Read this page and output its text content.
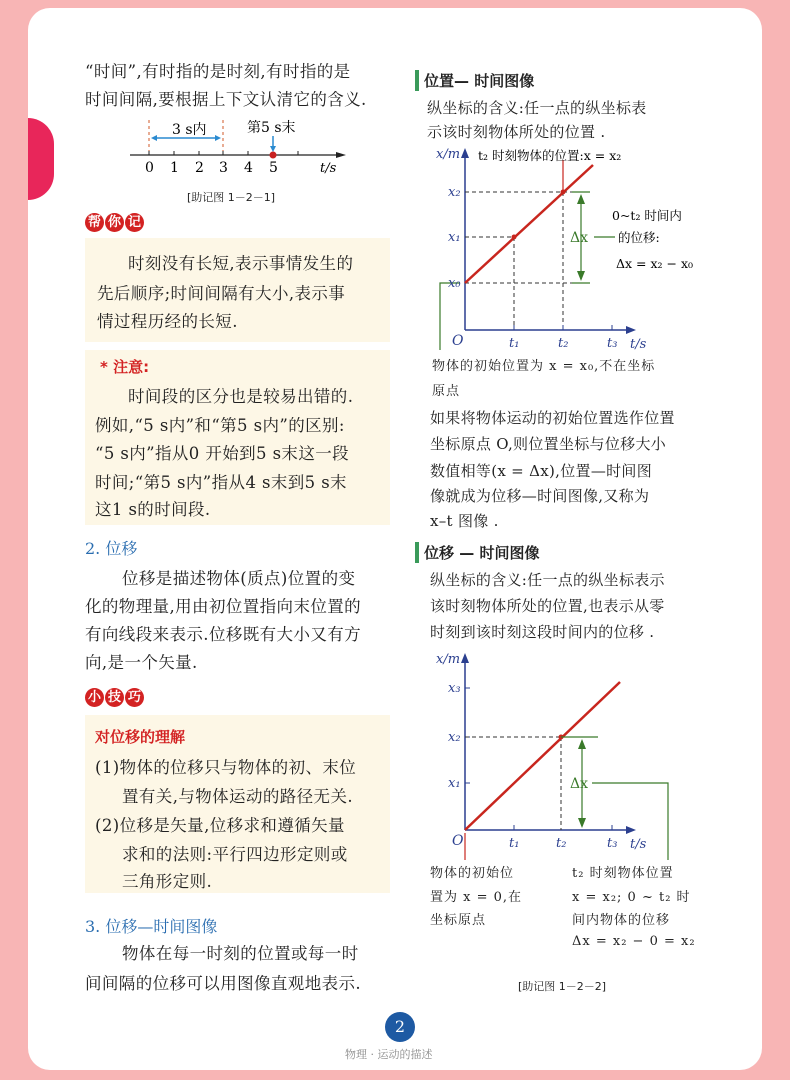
“时间”,有时指的是时刻,有时指的是
时间间隔,要根据上下文认清它的含义.
3 s内	第5 s末
0 1 2 3 4 5	t/s
[助记图 1－2－1]
帮 你 记
时刻没有长短,表示事情发生的
先后顺序;时间间隔有大小,表示事
情过程历经的长短.
* 注意:
时间段的区分也是较易出错的.
例如,“5 s内”和“第5 s内”的区别:
“5 s内”指从0 开始到5 s末这一段
时间;“第5 s内”指从4 s末到5 s末
这1 s的时间段.
2. 位移
位移是描述物体(质点)位置的变
化的物理量,用由初位置指向末位置的
有向线段来表示.位移既有大小又有方
向,是一个矢量.
小 技 巧
对位移的理解
(1)物体的位移只与物体的初、末位
置有关,与物体运动的路径无关.
(2)位移是矢量,位移求和遵循矢量
求和的法则:平行四边形定则或
三角形定则.
3. 位移—时间图像
物体在每一时刻的位置或每一时
间间隔的位移可以用图像直观地表示.
位置— 时间图像
纵坐标的含义:任一点的纵坐标表
示该时刻物体所处的位置 .
x/m
t/s
O
x₀
x₁
x₂
t₁	t₂	t₃
t₂ 时刻物体的位置:x = x₂
Δx
0~t₂ 时间内
的位移:
Δx = x₂ − x₀
物体的初始位置为 x = x₀,不在坐标
原点
如果将物体运动的初始位置选作位置
坐标原点 O,则位置坐标与位移大小
数值相等(x = Δx),位置—时间图
像就成为位移—时间图像,又称为
x–t 图像 .
位移 — 时间图像
纵坐标的含义:任一点的纵坐标表示
该时刻物体所处的位置,也表示从零
时刻到该时刻这段时间内的位移 .
x/m
t/s
O
x₁
x₂
x₃
t₁	t₂	t₃
Δx
物体的初始位
置为 x = 0,在
坐标原点
t₂ 时刻物体位置
x = x₂; 0 ~ t₂ 时
间内物体的位移
Δx = x₂ − 0 = x₂
[助记图 1－2－2]
2
物理 · 运动的描述
